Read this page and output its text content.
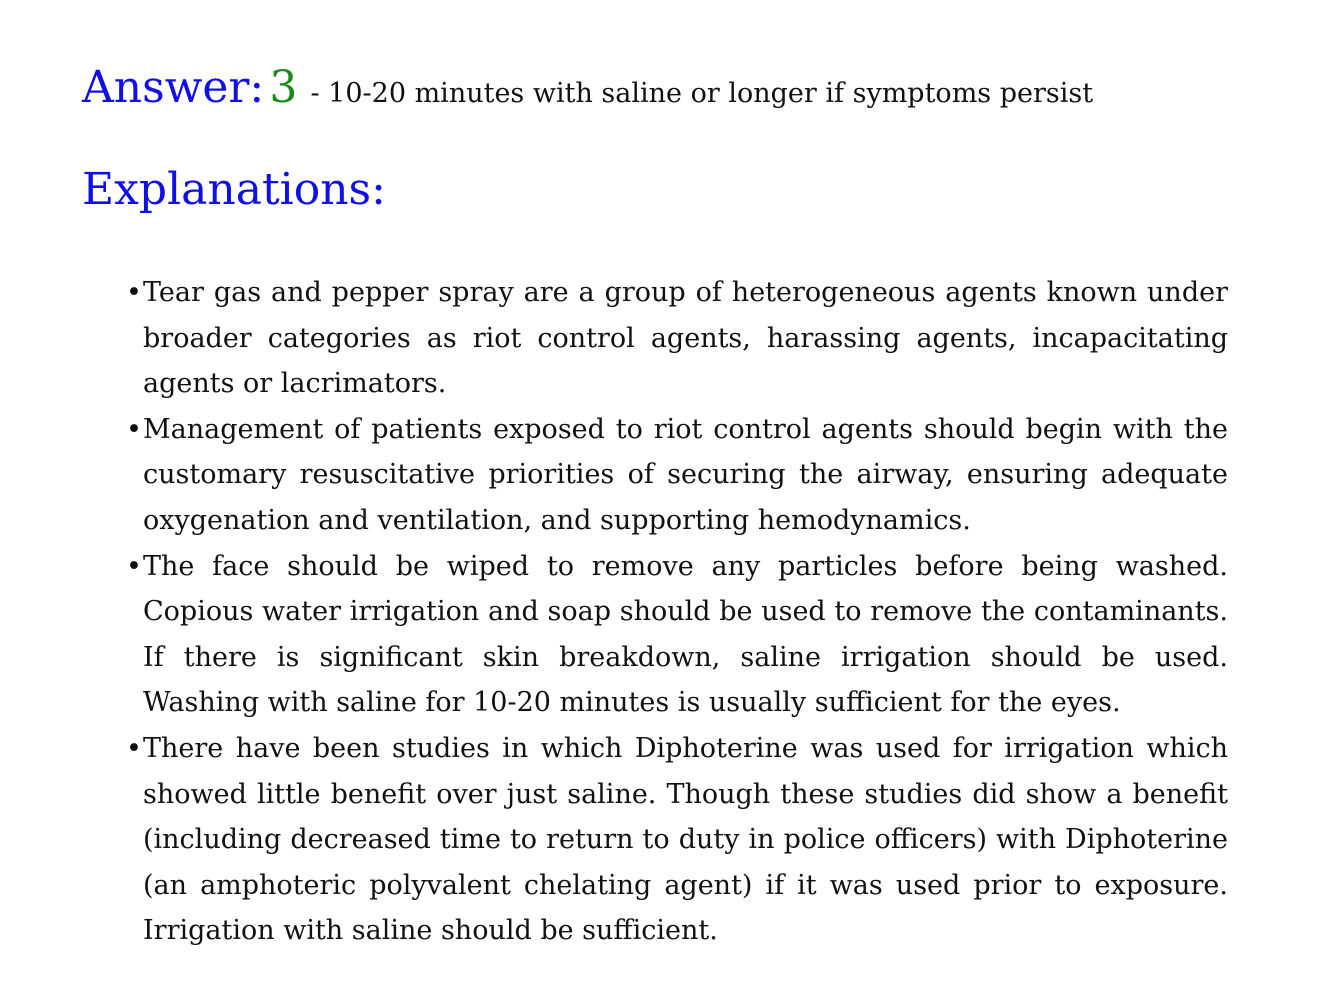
Answer: 3 - 10-20 minutes with saline or longer if symptoms persist
Explanations:
• Tear gas and pepper spray are a group of heterogeneous agents known under broader categories as riot control agents, harassing agents, incapacitating agents or lacrimators.
• Management of patients exposed to riot control agents should begin with the customary resuscitative priorities of securing the airway, ensuring adequate oxygenation and ventilation, and supporting hemodynamics.
• The face should be wiped to remove any particles before being washed. Copious water irrigation and soap should be used to remove the contaminants. If there is significant skin breakdown, saline irrigation should be used. Washing with saline for 10-20 minutes is usually sufficient for the eyes.
• There have been studies in which Diphoterine was used for irrigation which showed little benefit over just saline. Though these studies did show a benefit (including decreased time to return to duty in police officers) with Diphoterine (an amphoteric polyvalent chelating agent) if it was used prior to exposure. Irrigation with saline should be sufficient.
